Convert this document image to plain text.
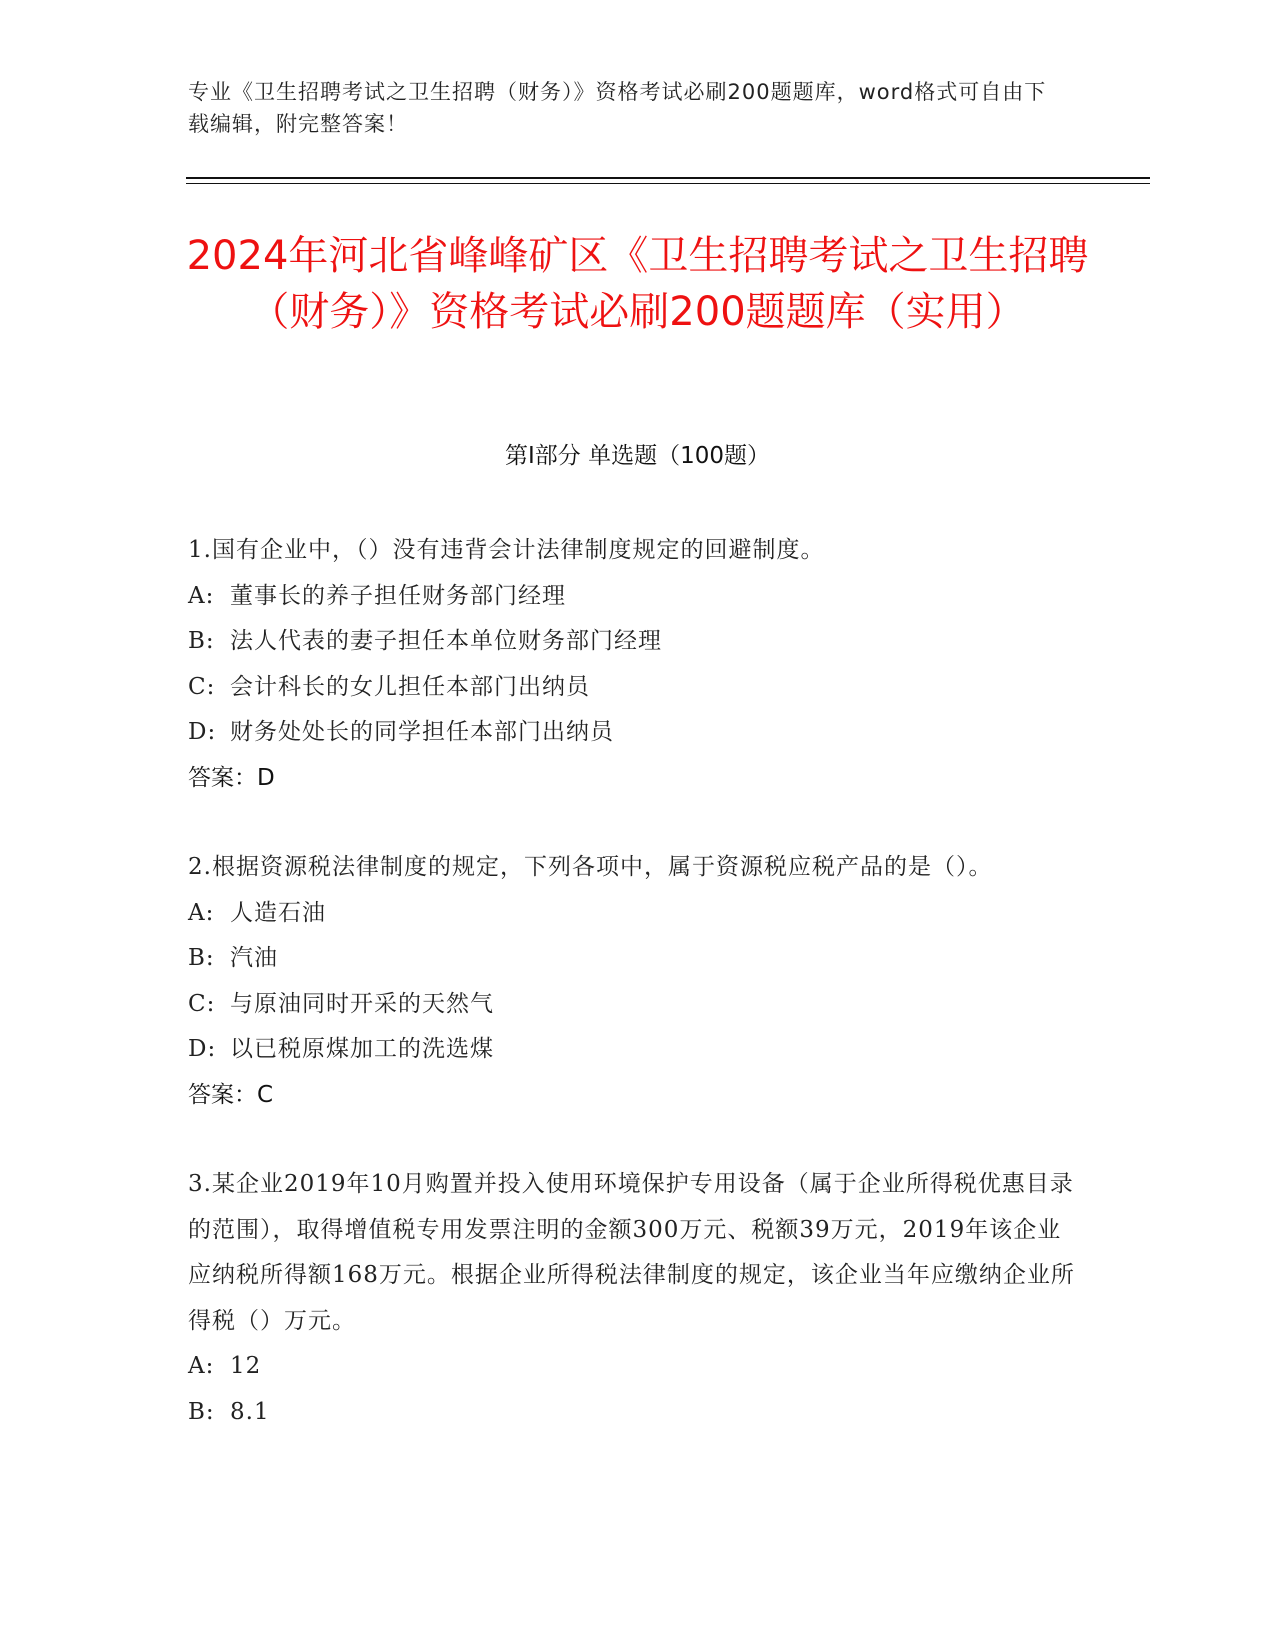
专业《卫生招聘考试之卫生招聘（财务）》资格考试必刷200题题库，word格式可自由下载编辑，附完整答案！
2024年河北省峰峰矿区《卫生招聘考试之卫生招聘（财务）》资格考试必刷200题题库（实用）
第I部分 单选题（100题）
1.国有企业中，（）没有违背会计法律制度规定的回避制度。
A: 董事长的养子担任财务部门经理
B: 法人代表的妻子担任本单位财务部门经理
C: 会计科长的女儿担任本部门出纳员
D: 财务处处长的同学担任本部门出纳员
答案：D
2.根据资源税法律制度的规定，下列各项中，属于资源税应税产品的是（）。
A: 人造石油
B: 汽油
C: 与原油同时开采的天然气
D: 以已税原煤加工的洗选煤
答案：C
3.某企业2019年10月购置并投入使用环境保护专用设备（属于企业所得税优惠目录的范围），取得增值税专用发票注明的金额300万元、税额39万元，2019年该企业应纳税所得额168万元。根据企业所得税法律制度的规定，该企业当年应缴纳企业所得税（）万元。
A: 12
B: 8.1
